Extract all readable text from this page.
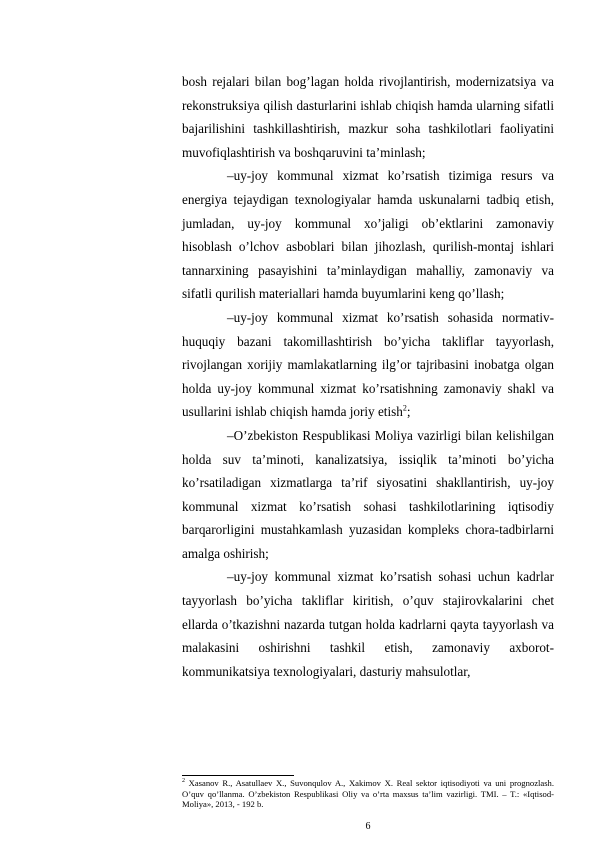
bosh rejalari bilan bog’lagan holda rivojlantirish, modernizatsiya va rekonstruksiya qilish dasturlarini ishlab chiqish hamda ularning sifatli bajarilishini tashkillashtirish, mazkur soha tashkilotlari faoliyatini muvofiqlashtirish va boshqaruvini ta’minlash;

–uy-joy kommunal xizmat ko’rsatish tizimiga resurs va energiya tejaydigan texnologiyalar hamda uskunalarni tadbiq etish, jumladan, uy-joy kommunal xo’jaligi ob’ektlarini zamonaviy hisoblash o’lchov asboblari bilan jihozlash, qurilish-montaj ishlari tannarxining pasayishini ta’minlaydigan mahalliy, zamonaviy va sifatli qurilish materiallari hamda buyumlarini keng qo’llash;

–uy-joy kommunal xizmat ko’rsatish sohasida normativ-huquqiy bazani takomillashtirish bo’yicha takliflar tayyorlash, rivojlangan xorijiy mamlakatlarning ilg’or tajribasini inobatga olgan holda uy-joy kommunal xizmat ko’rsatishning zamonaviy shakl va usullarini ishlab chiqish hamda joriy etish$^2$;

–O’zbekiston Respublikasi Moliya vazirligi bilan kelishilgan holda suv ta’minoti, kanalizatsiya, issiqlik ta’minoti bo’yicha ko’rsatiladigan xizmatlarga ta’rif siyosatini shakllantirish, uy-joy kommunal xizmat ko’rsatish sohasi tashkilotlarining iqtisodiy barqarorligini mustahkamlash yuzasidan kompleks chora-tadbirlarni amalga oshirish;

–uy-joy kommunal xizmat ko’rsatish sohasi uchun kadrlar tayyorlash bo’yicha takliflar kiritish, o’quv stajirovkalarini chet ellarda o’tkazishni nazarda tutgan holda kadrlarni qayta tayyorlash va malakasini oshirishni tashkil etish, zamonaviy axborot-kommunikatsiya texnologiyalari, dasturiy mahsulotlar,

$^2$ Xasanov R., Asatullaev X., Suvonqulov A., Xakimov X. Real sektor iqtisodiyoti va uni prognozlash. O’quv qo’llanma. O’zbekiston Respublikasi Oliy va o’rta maxsus ta’lim vazirligi. TMI. – T.: «Iqtisod-Moliya», 2013, - 192 b.
6
